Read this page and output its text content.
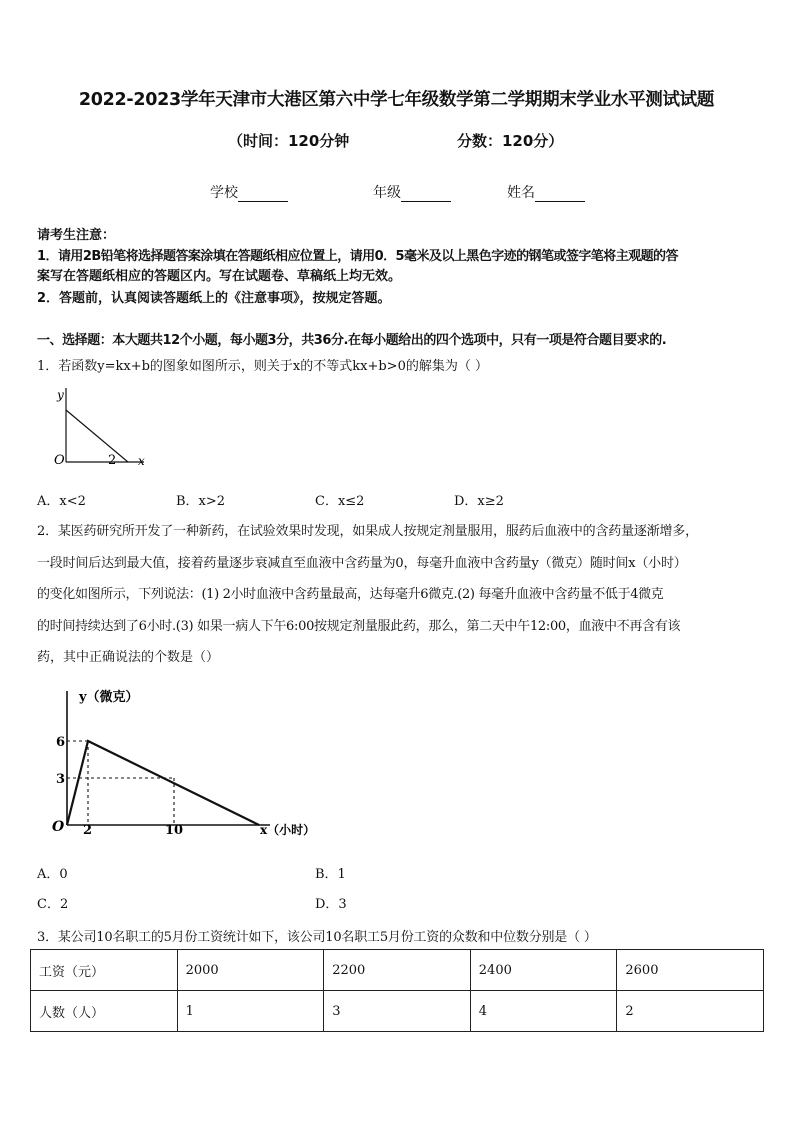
2022-2023学年天津市大港区第六中学七年级数学第二学期期末学业水平测试试题
（时间：120分钟	分数：120分）
学校	年级	姓名
请考生注意：
1．请用2B铅笔将选择题答案涂填在答题纸相应位置上，请用0．5毫米及以上黑色字迹的钢笔或签字笔将主观题的答
案写在答题纸相应的答题区内。写在试题卷、草稿纸上均无效。
2．答题前，认真阅读答题纸上的《注意事项》，按规定答题。
一、选择题：本大题共12个小题，每小题3分，共36分.在每小题给出的四个选项中，只有一项是符合题目要求的.
1．若函数y=kx+b的图象如图所示，则关于x的不等式kx+b>0的解集为（ ）
y
O	2 x
A．x<2	B．x>2	C．x≤2	D．x≥2
2．某医药研究所开发了一种新药，在试验效果时发现，如果成人按规定剂量服用，服药后血液中的含药量逐渐增多，
一段时间后达到最大值，接着药量逐步衰减直至血液中含药量为0，每毫升血液中含药量y（微克）随时间x（小时）
的变化如图所示，下列说法：(1) 2小时血液中含药量最高，达每毫升6微克.(2) 每毫升血液中含药量不低于4微克
的时间持续达到了6小时.(3) 如果一病人下午6:00按规定剂量服此药，那么，第二天中午12:00，血液中不再含有该
药，其中正确说法的个数是（）
y（微克）
6
3
O 2	10	x（小时）
A．0	B．1
C．2	D．3
3．某公司10名职工的5月份工资统计如下，该公司10名职工5月份工资的众数和中位数分别是（ ）
工资（元）	2000	2200	2400	2600
人数（人）	1	3	4	2
